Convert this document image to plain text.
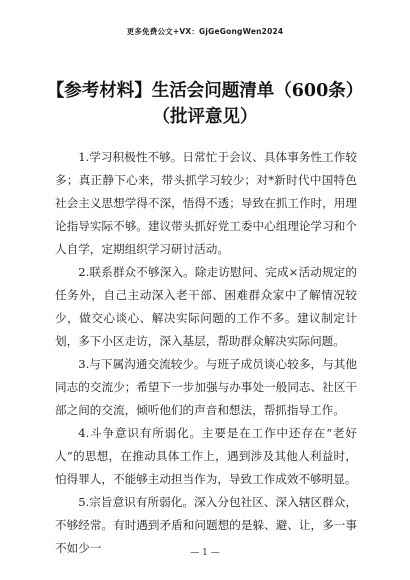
更多免费公文+VX：GjGeGongWen2024
【参考材料】生活会问题清单（600条）
（批评意见）

1.学习积极性不够。日常忙于会议、具体事务性工作较多；真正静下心来，带头抓学习较少；对*新时代中国特色社会主义思想学得不深，悟得不透；导致在抓工作时，用理论指导实际不够。建议带头抓好党工委中心组理论学习和个人自学，定期组织学习研讨活动。

2.联系群众不够深入。除走访慰问、完成×活动规定的任务外，自己主动深入老干部、困难群众家中了解情况较少，做交心谈心、解决实际问题的工作不多。建议制定计划，多下小区走访，深入基层，帮助群众解决实际问题。

3.与下属沟通交流较少。与班子成员谈心较多，与其他同志的交流少；希望下一步加强与办事处一般同志、社区干部之间的交流，倾听他们的声音和想法，帮抓指导工作。

4.斗争意识有所弱化。主要是在工作中还存在“老好人”的思想，在推动具体工作上，遇到涉及其他人利益时，怕得罪人，不能够主动担当作为，导致工作成效不够明显。

5.宗旨意识有所弱化。深入分包社区、深入辖区群众，不够经常。有时遇到矛盾和问题想的是躲、避、让，多一事不如少一	— 1 —
